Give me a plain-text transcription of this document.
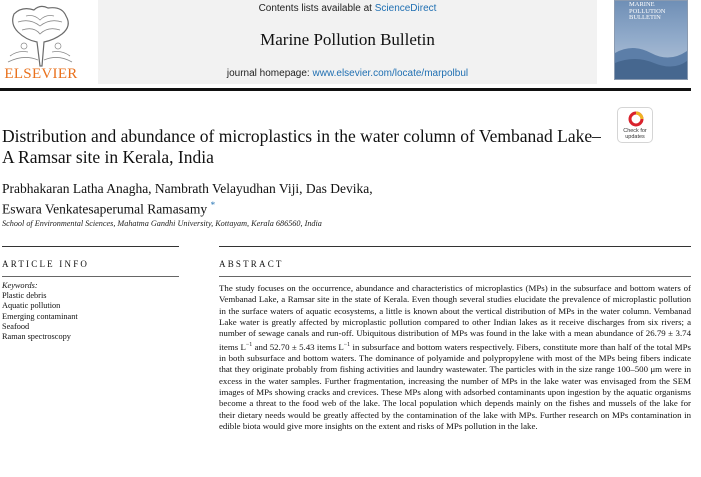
ELSEVIER
Contents lists available at ScienceDirect
Marine Pollution Bulletin
journal homepage: www.elsevier.com/locate/marpolbul
MARINE POLLUTION BULLETIN
Distribution and abundance of microplastics in the water column of Vembanad Lake–A Ramsar site in Kerala, India
Check for updates
Prabhakaran Latha Anagha, Nambrath Velayudhan Viji, Das Devika,
Eswara Venkatesaperumal Ramasamy *
School of Environmental Sciences, Mahatma Gandhi University, Kottayam, Kerala 686560, India
ARTICLE INFO	ABSTRACT
Keywords:
Plastic debris
Aquatic pollution
Emerging contaminant
Seafood
Raman spectroscopy
The study focuses on the occurrence, abundance and characteristics of microplastics (MPs) in the subsurface and bottom waters of Vembanad Lake, a Ramsar site in the state of Kerala. Even though several studies elucidate the prevalence of microplastic pollution in the surface waters of aquatic ecosystems, a little is known about the vertical distribution of MPs in the water column. Vembanad Lake water is greatly affected by microplastic pollution compared to other Indian lakes as it receive discharges from six rivers; a number of sewage canals and run-off. Ubiquitous distribution of MPs was found in the lake with a mean abundance of 26.79 ± 3.74 items $L^{-1}$ and 52.70 ± 5.43 items $L^{-1}$ in subsurface and bottom waters respectively. Fibers, constitute more than half of the total MPs in both subsurface and bottom waters. The dominance of polyamide and polypropylene with most of the MPs being fibers indicate that they originate probably from fishing activities and laundry wastewater. The particles with in the size range 100–500 μm were in excess in the water samples. Further fragmentation, increasing the number of MPs in the lake water was envisaged from the SEM images of MPs showing cracks and crevices. These MPs along with adsorbed contaminants upon ingestion by the aquatic organisms become a threat to the food web of the lake. The local population which depends mainly on the fishes and mussels of the lake for their dietary needs would be greatly affected by the contamination of the lake with MPs. Further research on MPs contamination in edible biota would give more insights on the extent and risks of MPs pollution in the lake.
